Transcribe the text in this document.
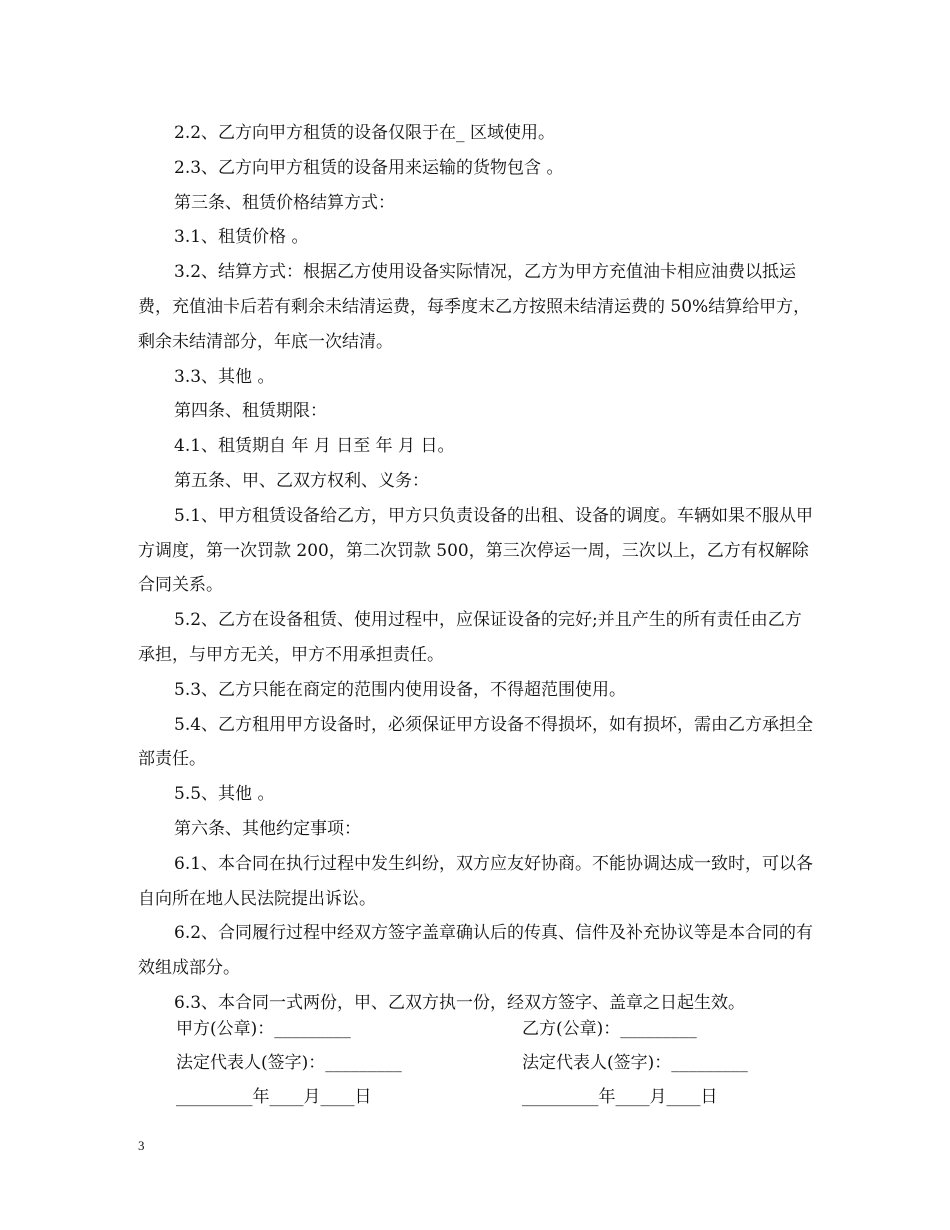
2.2、乙方向甲方租赁的设备仅限于在_ 区域使用。

2.3、乙方向甲方租赁的设备用来运输的货物包含 。

第三条、租赁价格结算方式：

3.1、租赁价格 。

3.2、结算方式：根据乙方使用设备实际情况，乙方为甲方充值油卡相应油费以抵运费，充值油卡后若有剩余未结清运费，每季度末乙方按照未结清运费的 50%结算给甲方，剩余未结清部分，年底一次结清。

3.3、其他 。

第四条、租赁期限：

4.1、租赁期自 年 月 日至 年 月 日。

第五条、甲、乙双方权利、义务：

5.1、甲方租赁设备给乙方，甲方只负责设备的出租、设备的调度。车辆如果不服从甲方调度，第一次罚款 200，第二次罚款 500，第三次停运一周，三次以上，乙方有权解除合同关系。

5.2、乙方在设备租赁、使用过程中，应保证设备的完好;并且产生的所有责任由乙方承担，与甲方无关，甲方不用承担责任。

5.3、乙方只能在商定的范围内使用设备，不得超范围使用。

5.4、乙方租用甲方设备时，必须保证甲方设备不得损坏，如有损坏，需由乙方承担全部责任。

5.5、其他 。

第六条、其他约定事项：

6.1、本合同在执行过程中发生纠纷，双方应友好协商。不能协调达成一致时，可以各自向所在地人民法院提出诉讼。

6.2、合同履行过程中经双方签字盖章确认后的传真、信件及补充协议等是本合同的有效组成部分。

6.3、本合同一式两份，甲、乙双方执一份，经双方签字、盖章之日起生效。

甲方(公章)：_________	乙方(公章)：_________
法定代表人(签字)：_________	法定代表人(签字)：_________
_________年____月____日	_________年____月____日
3
